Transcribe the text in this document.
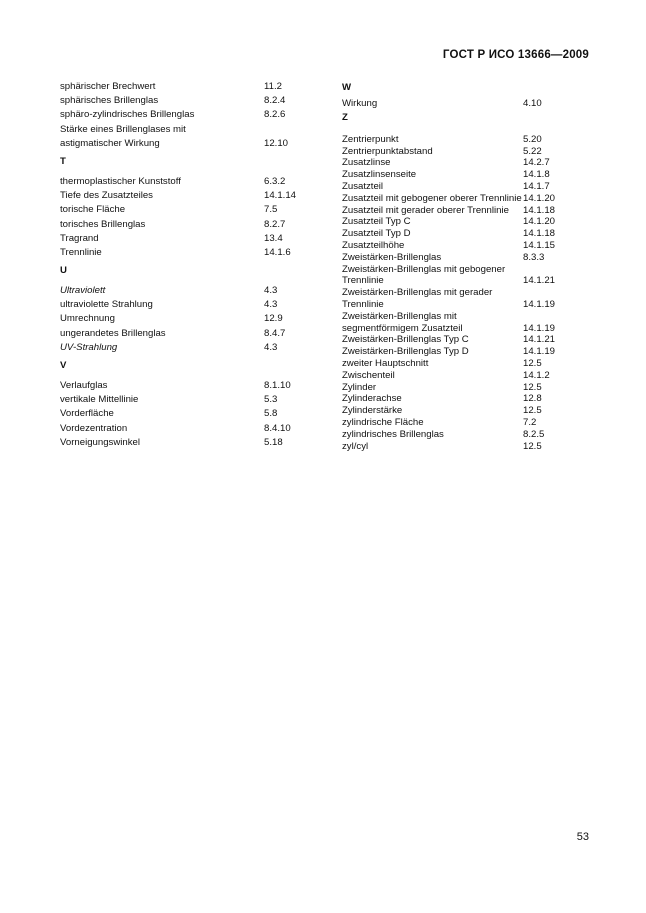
ГОСТ Р ИСО 13666—2009
sphärischer Brechwert	11.2
sphärisches Brillenglas	8.2.4
sphäro-zylindrisches Brillenglas	8.2.6
Stärke eines Brillenglases mit
astigmatischer Wirkung	12.10
T
thermoplastischer Kunststoff	6.3.2
Tiefe des Zusatzteiles	14.1.14
torische Fläche	7.5
torisches Brillenglas	8.2.7
Tragrand	13.4
Trennlinie	14.1.6
U
Ultraviolett	4.3
ultraviolette Strahlung	4.3
Umrechnung	12.9
ungerandetes Brillenglas	8.4.7
UV-Strahlung	4.3
V
Verlaufglas	8.1.10
vertikale Mittellinie	5.3
Vorderfläche	5.8
Vordezentration	8.4.10
Vorneigungswinkel	5.18
W
Wirkung	4.10
Z
Zentrierpunkt	5.20
Zentrierpunktabstand	5.22
Zusatzlinse	14.2.7
Zusatzlinsenseite	14.1.8
Zusatzteil	14.1.7
Zusatzteil mit gebogener oberer Trennlinie 14.1.20
Zusatzteil mit gerader oberer Trennlinie	14.1.18
Zusatzteil Typ C	14.1.20
Zusatzteil Typ D	14.1.18
Zusatzteilhöhe	14.1.15
Zweistärken-Brillenglas	8.3.3
Zweistärken-Brillenglas mit gebogener
Trennlinie	14.1.21
Zweistärken-Brillenglas mit gerader
Trennlinie	14.1.19
Zweistärken-Brillenglas mit
segmentförmigem Zusatzteil	14.1.19
Zweistärken-Brillenglas Typ C	14.1.21
Zweistärken-Brillenglas Typ D	14.1.19
zweiter Hauptschnitt	12.5
Zwischenteil	14.1.2
Zylinder	12.5
Zylinderachse	12.8
Zylinderstärke	12.5
zylindrische Fläche	7.2
zylindrisches Brillenglas	8.2.5
zyl/cyl	12.5
53
